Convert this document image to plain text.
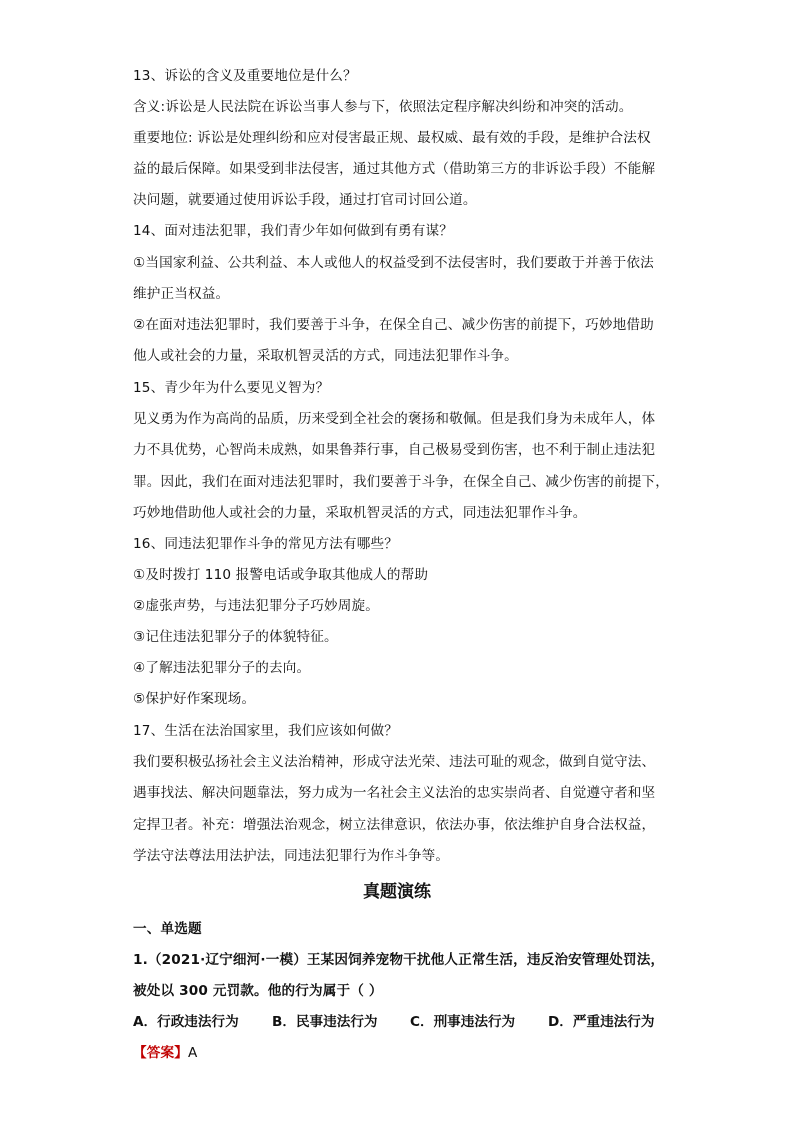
13、诉讼的含义及重要地位是什么？
含义:诉讼是人民法院在诉讼当事人参与下，依照法定程序解决纠纷和冲突的活动。
重要地位: 诉讼是处理纠纷和应对侵害最正规、最权威、最有效的手段，是维护合法权
益的最后保障。如果受到非法侵害，通过其他方式（借助第三方的非诉讼手段）不能解
决问题，就要通过使用诉讼手段，通过打官司讨回公道。
14、面对违法犯罪，我们青少年如何做到有勇有谋？
①当国家利益、公共利益、本人或他人的权益受到不法侵害时，我们要敢于并善于依法
维护正当权益。
②在面对违法犯罪时，我们要善于斗争，在保全自己、减少伤害的前提下，巧妙地借助
他人或社会的力量，采取机智灵活的方式，同违法犯罪作斗争。
15、青少年为什么要见义智为？
见义勇为作为高尚的品质，历来受到全社会的褒扬和敬佩。但是我们身为未成年人，体
力不具优势，心智尚未成熟，如果鲁莽行事，自己极易受到伤害，也不利于制止违法犯
罪。因此，我们在面对违法犯罪时，我们要善于斗争，在保全自己、减少伤害的前提下，
巧妙地借助他人或社会的力量，采取机智灵活的方式，同违法犯罪作斗争。
16、同违法犯罪作斗争的常见方法有哪些？
①及时拨打 110 报警电话或争取其他成人的帮助
②虚张声势，与违法犯罪分子巧妙周旋。
③记住违法犯罪分子的体貌特征。
④了解违法犯罪分子的去向。
⑤保护好作案现场。
17、生活在法治国家里，我们应该如何做？
我们要积极弘扬社会主义法治精神，形成守法光荣、违法可耻的观念，做到自觉守法、
遇事找法、解决问题靠法，努力成为一名社会主义法治的忠实崇尚者、自觉遵守者和坚
定捍卫者。补充：增强法治观念，树立法律意识，依法办事，依法维护自身合法权益，
学法守法尊法用法护法，同违法犯罪行为作斗争等。
真题演练
一、单选题
1.（2021·辽宁细河·一模）王某因饲养宠物干扰他人正常生活，违反治安管理处罚法，
被处以 300 元罚款。他的行为属于（ ）
A．行政违法行为 B．民事违法行为 C．刑事违法行为 D．严重违法行为
【答案】A
